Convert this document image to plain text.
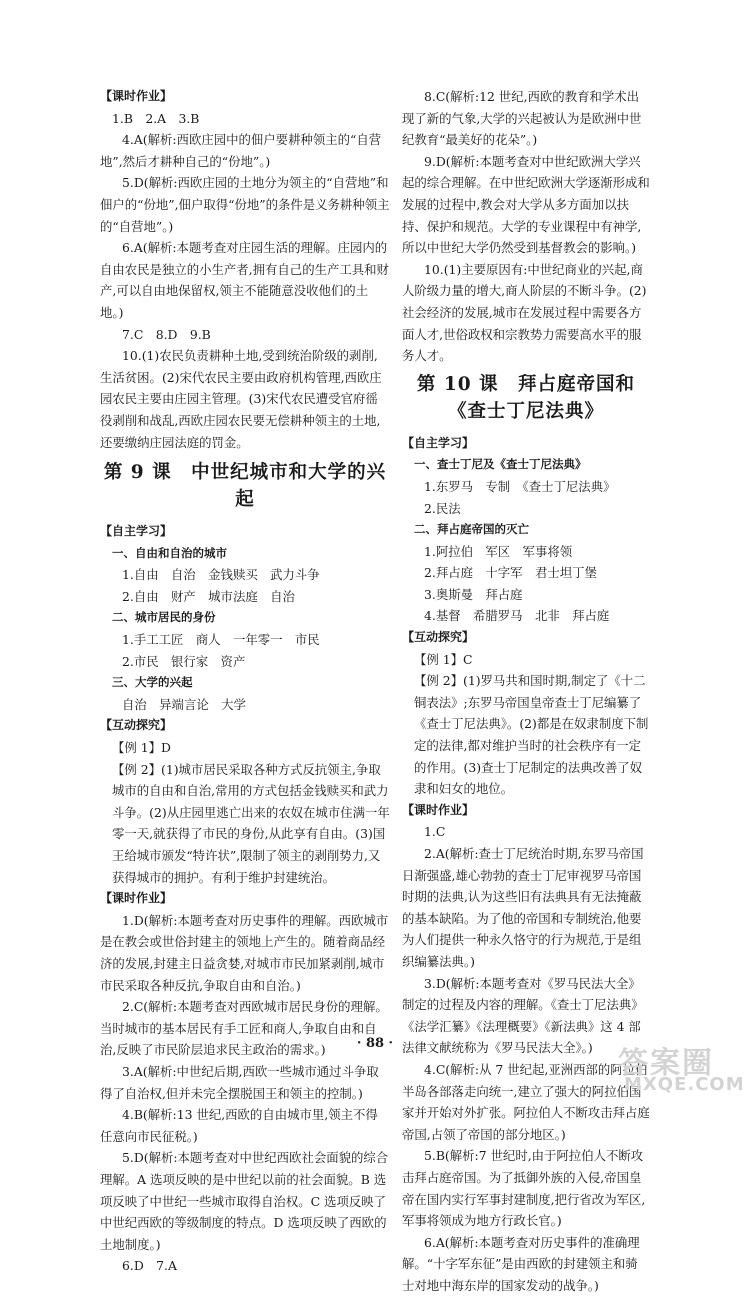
【课时作业】

1.B　2.A　3.B

4.A(解析:西欧庄园中的佃户要耕种领主的“自营地”,然后才耕种自己的“份地”。)

5.D(解析:西欧庄园的土地分为领主的“自营地”和佃户的“份地”,佃户取得“份地”的条件是义务耕种领主的“自营地”。)

6.A(解析:本题考查对庄园生活的理解。庄园内的自由农民是独立的小生产者,拥有自己的生产工具和财产,可以自由地保留权,领主不能随意没收他们的土地。)

7.C　8.D　9.B

10.(1)农民负责耕种土地,受到统治阶级的剥削,生活贫困。(2)宋代农民主要由政府机构管理,西欧庄园农民主要由庄园主管理。(3)宋代农民遭受官府徭役剥削和战乱,西欧庄园农民要无偿耕种领主的土地,还要缴纳庄园法庭的罚金。

第 9 课　中世纪城市和大学的兴起

【自主学习】

一、自由和自治的城市

1.自由　自治　金钱赎买　武力斗争

2.自由　财产　城市法庭　自治

二、城市居民的身份

1.手工工匠　商人　一年零一　市民

2.市民　银行家　资产

三、大学的兴起

自治　异端言论　大学

【互动探究】

【例 1】D

【例 2】(1)城市居民采取各种方式反抗领主,争取城市的自由和自治,常用的方式包括金钱赎买和武力斗争。(2)从庄园里逃亡出来的农奴在城市住满一年零一天,就获得了市民的身份,从此享有自由。(3)国王给城市颁发“特许状”,限制了领主的剥削势力,又获得城市的拥护。有利于维护封建统治。

【课时作业】

1.D(解析:本题考查对历史事件的理解。西欧城市是在教会或世俗封建主的领地上产生的。随着商品经济的发展,封建主日益贪婪,对城市市民加紧剥削,城市市民采取各种反抗,争取自由和自治。)

2.C(解析:本题考查对西欧城市居民身份的理解。当时城市的基本居民有手工匠和商人,争取自由和自治,反映了市民阶层追求民主政治的需求。)

3.A(解析:中世纪后期,西欧一些城市通过斗争取得了自治权,但并未完全摆脱国王和领主的控制。)

4.B(解析:13 世纪,西欧的自由城市里,领主不得任意向市民征税。)

5.D(解析:本题考查对中世纪西欧社会面貌的综合理解。A 选项反映的是中世纪以前的社会面貌。B 选项反映了中世纪一些城市取得自治权。C 选项反映了中世纪西欧的等级制度的特点。D 选项反映了西欧的土地制度。)

6.D　7.A

8.C(解析:12 世纪,西欧的教育和学术出现了新的气象,大学的兴起被认为是欧洲中世纪教育“最美好的花朵”。)

9.D(解析:本题考查对中世纪欧洲大学兴起的综合理解。在中世纪欧洲大学逐渐形成和发展的过程中,教会对大学从多方面加以扶持、保护和规范。大学的专业课程中有神学,所以中世纪大学仍然受到基督教会的影响。)

10.(1)主要原因有:中世纪商业的兴起,商人阶级力量的增大,商人阶层的不断斗争。(2)社会经济的发展,城市在发展过程中需要各方面人才,世俗政权和宗教势力需要高水平的服务人才。

第 10 课　拜占庭帝国和

《查士丁尼法典》

【自主学习】

一、查士丁尼及《查士丁尼法典》

1.东罗马　专制　《查士丁尼法典》

2.民法

二、拜占庭帝国的灭亡

1.阿拉伯　军区　军事将领

2.拜占庭　十字军　君士坦丁堡

3.奥斯曼　拜占庭

4.基督　希腊罗马　北非　拜占庭

【互动探究】

【例 1】C

【例 2】(1)罗马共和国时期,制定了《十二铜表法》;东罗马帝国皇帝查士丁尼编纂了《查士丁尼法典》。(2)都是在奴隶制度下制定的法律,都对维护当时的社会秩序有一定的作用。(3)查士丁尼制定的法典改善了奴隶和妇女的地位。

【课时作业】

1.C

2.A(解析:查士丁尼统治时期,东罗马帝国日渐强盛,雄心勃勃的查士丁尼审视罗马帝国时期的法典,认为这些旧有法典具有无法掩蔽的基本缺陷。为了他的帝国和专制统治,他要为人们提供一种永久恪守的行为规范,于是组织编纂法典。)

3.D(解析:本题考查对《罗马民法大全》制定的过程及内容的理解。《查士丁尼法典》《法学汇纂》《法理概要》《新法典》这 4 部法律文献统称为《罗马民法大全》。)

4.C(解析:从 7 世纪起,亚洲西部的阿拉伯半岛各部落走向统一,建立了强大的阿拉伯国家并开始对外扩张。阿拉伯人不断攻击拜占庭帝国,占领了帝国的部分地区。)

5.B(解析:7 世纪时,由于阿拉伯人不断攻击拜占庭帝国。为了抵御外族的入侵,帝国皇帝在国内实行军事封建制度,把行省改为军区,军事将领成为地方行政长官。)

6.A(解析:本题考查对历史事件的准确理解。“十字军东征”是由西欧的封建领主和骑士对地中海东岸的国家发动的战争。)

· 88 ·
答案圈
MXQE.COM
